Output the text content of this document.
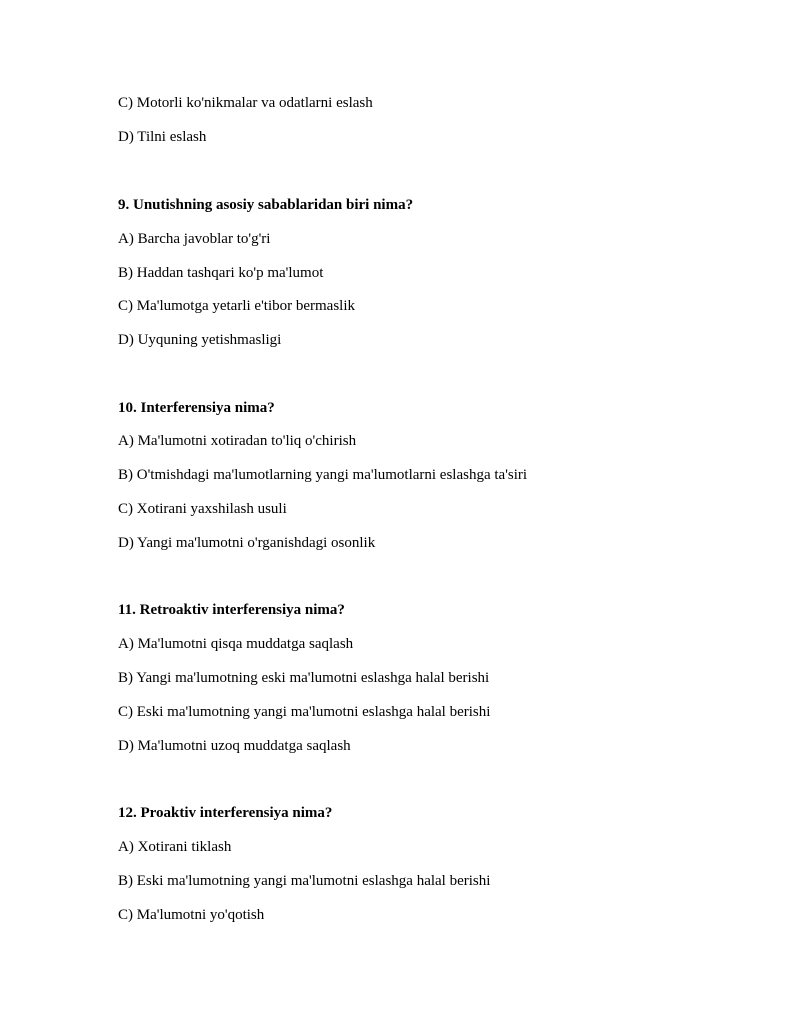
C) Motorli ko'nikmalar va odatlarni eslash
D) Tilni eslash
9. Unutishning asosiy sabablaridan biri nima?
A) Barcha javoblar to'g'ri
B) Haddan tashqari ko'p ma'lumot
C) Ma'lumotga yetarli e'tibor bermaslik
D) Uyquning yetishmasligi
10. Interferensiya nima?
A) Ma'lumotni xotiradan to'liq o'chirish
B) O'tmishdagi ma'lumotlarning yangi ma'lumotlarni eslashga ta'siri
C) Xotirani yaxshilash usuli
D) Yangi ma'lumotni o'rganishdagi osonlik
11. Retroaktiv interferensiya nima?
A) Ma'lumotni qisqa muddatga saqlash
B) Yangi ma'lumotning eski ma'lumotni eslashga halal berishi
C) Eski ma'lumotning yangi ma'lumotni eslashga halal berishi
D) Ma'lumotni uzoq muddatga saqlash
12. Proaktiv interferensiya nima?
A) Xotirani tiklash
B) Eski ma'lumotning yangi ma'lumotni eslashga halal berishi
C) Ma'lumotni yo'qotish
